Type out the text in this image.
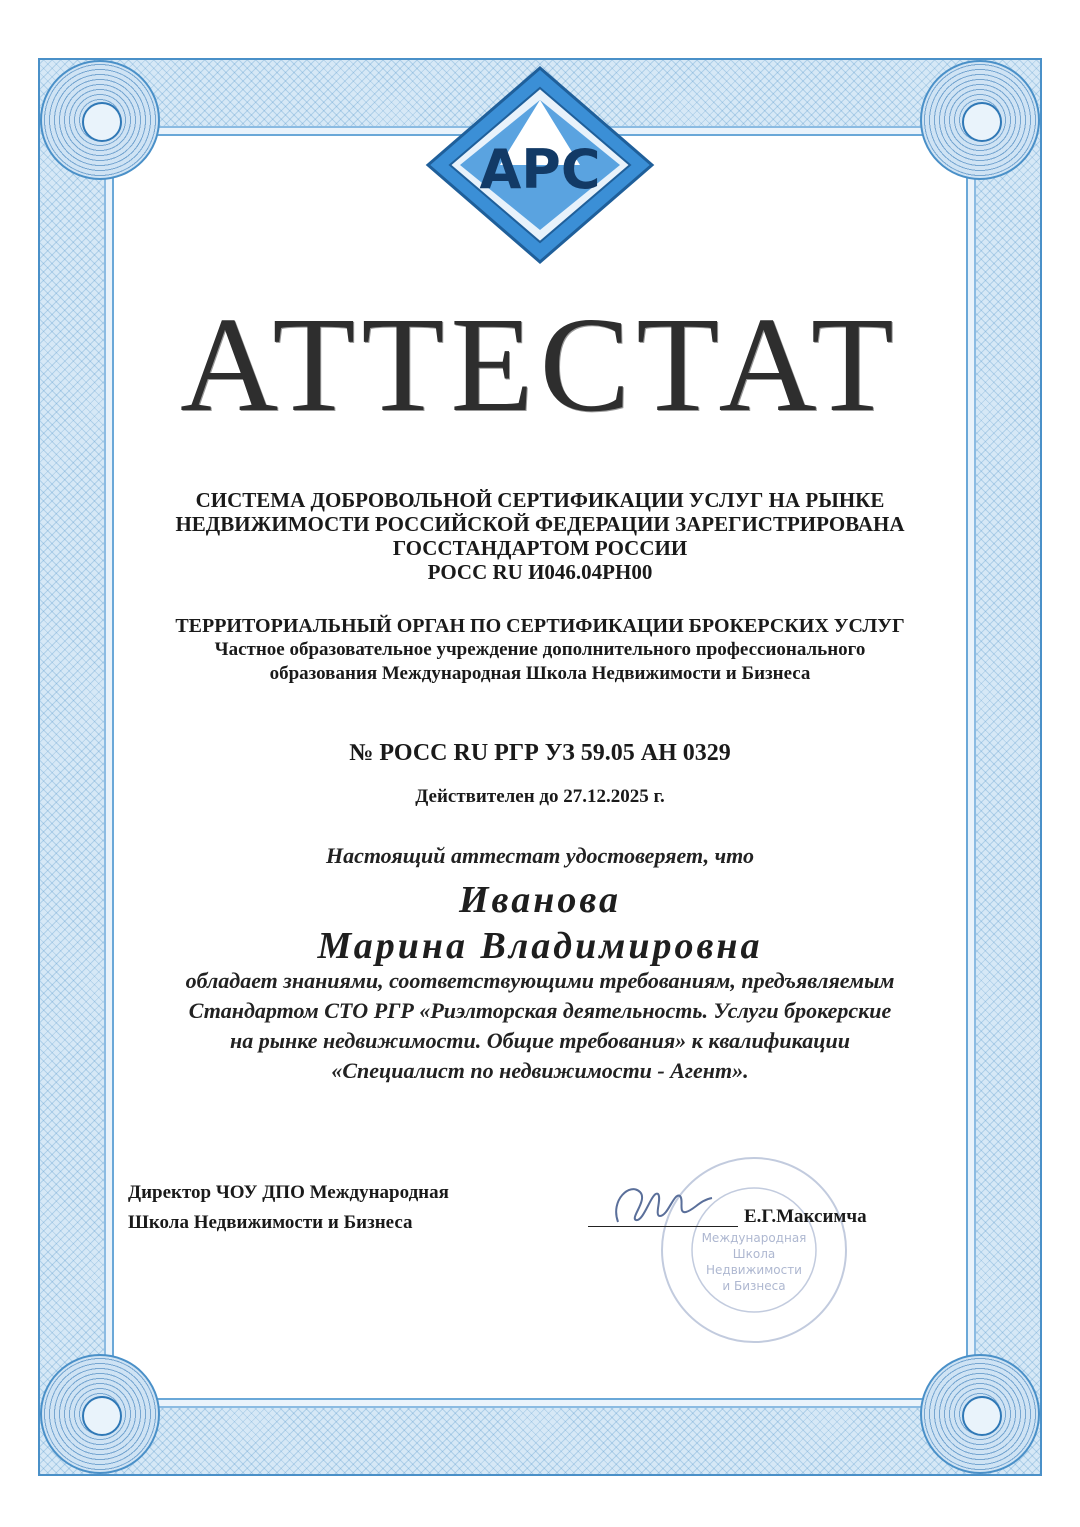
АРС
АТТЕСТАТ
СИСТЕМА ДОБРОВОЛЬНОЙ СЕРТИФИКАЦИИ УСЛУГ НА РЫНКЕ
НЕДВИЖИМОСТИ РОССИЙСКОЙ ФЕДЕРАЦИИ ЗАРЕГИСТРИРОВАНА
ГОССТАНДАРТОМ РОССИИ
РОСС RU И046.04РН00
ТЕРРИТОРИАЛЬНЫЙ ОРГАН ПО СЕРТИФИКАЦИИ БРОКЕРСКИХ УСЛУГ
Частное образовательное учреждение дополнительного профессионального
образования Международная Школа Недвижимости и Бизнеса
№ РОСС RU РГР УЗ 59.05 АН 0329
Действителен до 27.12.2025 г.
Настоящий аттестат удостоверяет, что
Иванова
Марина Владимировна
обладает знаниями, соответствующими требованиям, предъявляемым
Стандартом СТО РГР «Риэлторская деятельность. Услуги брокерские
на рынке недвижимости. Общие требования» к квалификации
«Специалист по недвижимости - Агент».
Директор ЧОУ ДПО Международная
Школа Недвижимости и Бизнеса
Международная
Школа
Недвижимости
и Бизнеса
Е.Г.Максимча
